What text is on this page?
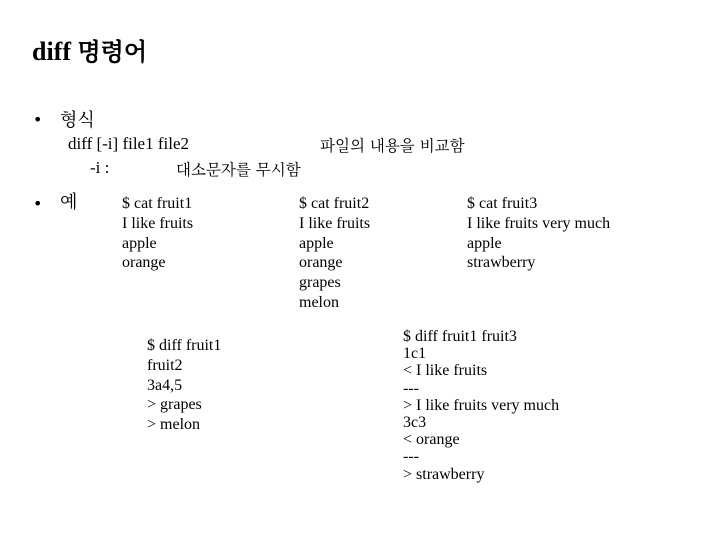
diff 명령어
• 형식
diff [-i] file1 file2	파일의 내용을 비교함
-i :	대소문자를 무시함
• 예	$ cat fruit1
I like fruits
apple
orange
$ cat fruit2
I like fruits
apple
orange
grapes
melon
$ cat fruit3
I like fruits very much
apple
strawberry
$ diff fruit1
fruit2
3a4,5
> grapes
> melon
$ diff fruit1 fruit3
1c1
< I like fruits
---
> I like fruits very much
3c3
< orange
---
> strawberry
